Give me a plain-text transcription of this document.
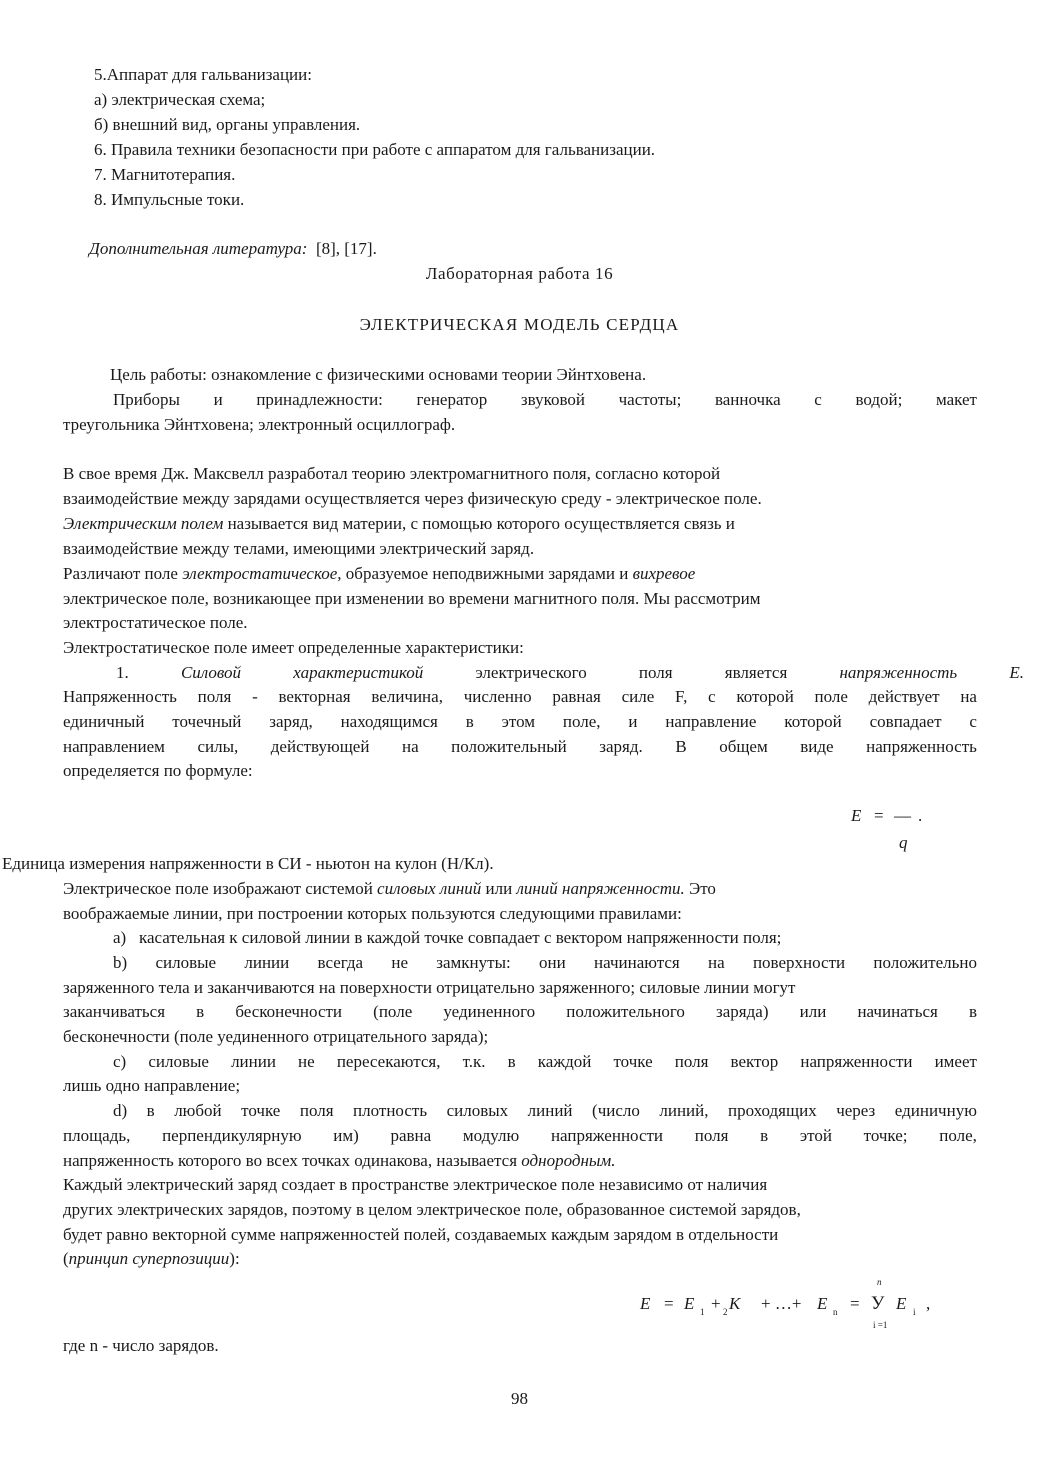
5.Аппарат для гальванизации:
а) электрическая схема;
б) внешний вид, органы управления.
6. Правила техники безопасности при работе с аппаратом для гальванизации.
7. Магнитотерапия.
8. Импульсные токи.
Дополнительная литература: [8], [17].
Лабораторная работа 16
ЭЛЕКТРИЧЕСКАЯ МОДЕЛЬ СЕРДЦА
Цель работы: ознакомление с физическими основами теории Эйнтховена.
Приборы и принадлежности: генератор звуковой частоты; ванночка с водой; макет
треугольника Эйнтховена; электронный осциллограф.
В свое время Дж. Максвелл разработал теорию электромагнитного поля, согласно которой
взаимодействие между зарядами осуществляется через физическую среду - электрическое поле.
Электрическим полем называется вид материи, с помощью которого осуществляется связь и
взаимодействие между телами, имеющими электрический заряд.
Различают поле электростатическое, образуемое неподвижными зарядами и вихревое
электрическое поле, возникающее при изменении во времени магнитного поля. Мы рассмотрим
электростатическое поле.
Электростатическое поле имеет определенные характеристики:
1.	Силовой	характеристикой	электрического	поля	является	напряженность	E.
Напряженность поля - векторная величина, численно равная силе F, с которой поле действует на
единичный точечный заряд, находящимся в этом поле, и направление которой совпадает с
направлением силы, действующей на положительный заряд. В общем виде напряженность
определяется по формуле:
E = — .
q
Единица измерения напряженности в СИ - ньютон на кулон (Н/Кл).
Электрическое поле изображают системой силовых линий или линий напряженности. Это
воображаемые линии, при построении которых пользуются следующими правилами:
a) касательная к силовой линии в каждой точке совпадает с вектором напряженности поля;
b) силовые линии всегда не замкнуты: они начинаются на поверхности положительно
заряженного тела и заканчиваются на поверхности отрицательно заряженного; силовые линии могут
заканчиваться в бесконечности (поле уединенного положительного заряда) или начинаться в
бесконечности (поле уединенного отрицательного заряда);
c) силовые линии не пересекаются, т.к. в каждой точке поля вектор напряженности имеет
лишь одно направление;
d) в любой точке поля плотность силовых линий (число линий, проходящих через единичную
площадь, перпендикулярную им) равна модулю напряженности поля в этой точке; поле,
напряженность которого во всех точках одинакова, называется однородным.
Каждый электрический заряд создает в пространстве электрическое поле независимо от наличия
других электрических зарядов, поэтому в целом электрическое поле, образованное системой зарядов,
будет равно векторной сумме напряженностей полей, создаваемых каждым зарядом в отдельности
(принцип суперпозиции):
E = E 1 + 2 К + …+ E n = У
n
i =1
E i ,
где n - число зарядов.
98
